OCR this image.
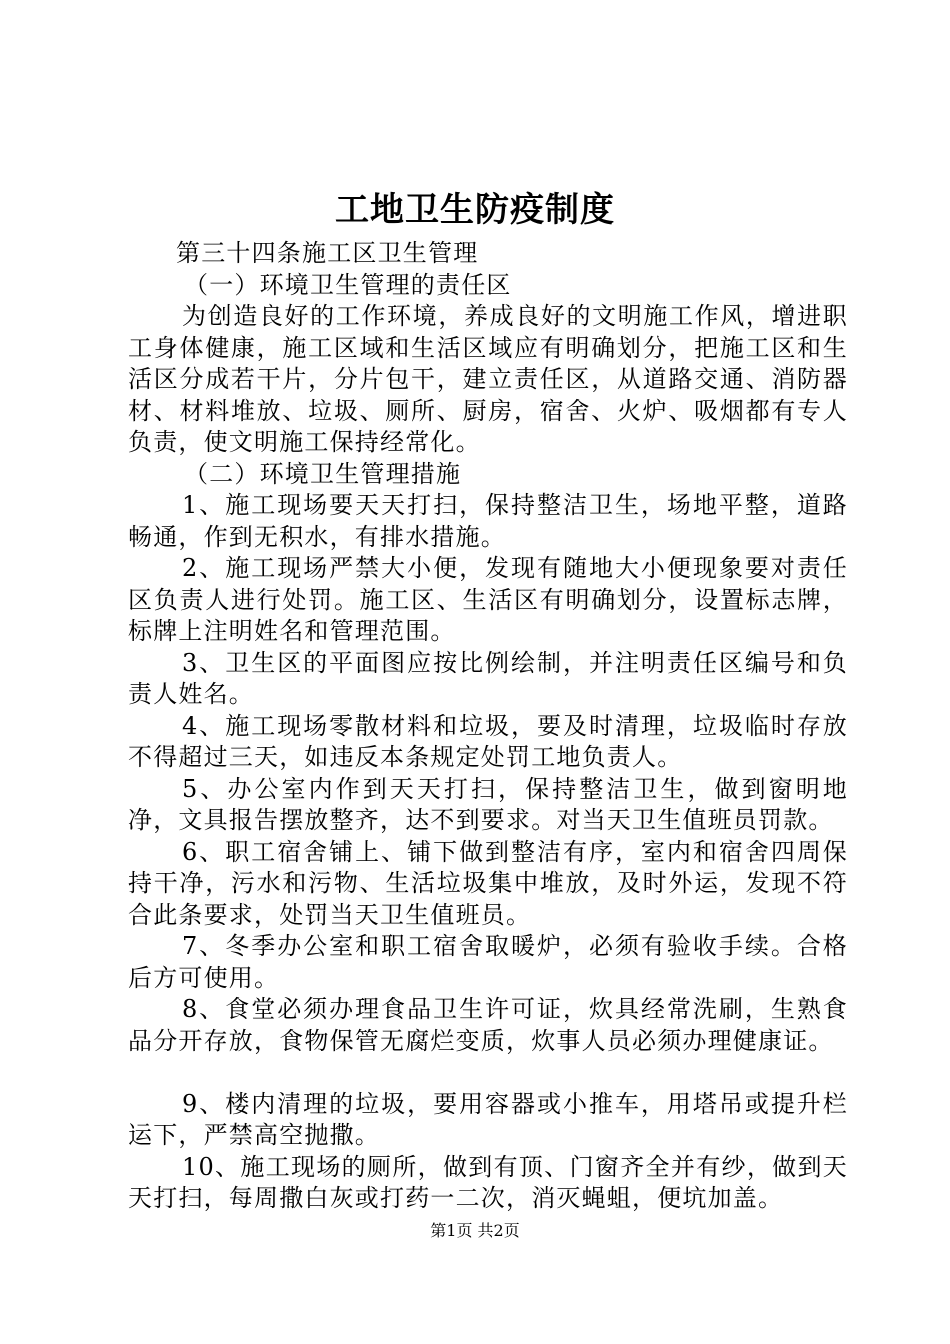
工地卫生防疫制度

第三十四条施工区卫生管理

（一）环境卫生管理的责任区

为创造良好的工作环境，养成良好的文明施工作风，增进职工身体健康，施工区域和生活区域应有明确划分，把施工区和生活区分成若干片，分片包干，建立责任区，从道路交通、消防器材、材料堆放、垃圾、厕所、厨房，宿舍、火炉、吸烟都有专人负责，使文明施工保持经常化。

（二）环境卫生管理措施

1、施工现场要天天打扫，保持整洁卫生，场地平整，道路畅通，作到无积水，有排水措施。

2、施工现场严禁大小便，发现有随地大小便现象要对责任区负责人进行处罚。施工区、生活区有明确划分，设置标志牌，标牌上注明姓名和管理范围。

3、卫生区的平面图应按比例绘制，并注明责任区编号和负责人姓名。

4、施工现场零散材料和垃圾，要及时清理，垃圾临时存放不得超过三天，如违反本条规定处罚工地负责人。

5、办公室内作到天天打扫，保持整洁卫生，做到窗明地净，文具报告摆放整齐，达不到要求。对当天卫生值班员罚款。

6、职工宿舍铺上、铺下做到整洁有序，室内和宿舍四周保持干净，污水和污物、生活垃圾集中堆放，及时外运，发现不符合此条要求，处罚当天卫生值班员。

7、冬季办公室和职工宿舍取暖炉，必须有验收手续。合格后方可使用。

8、食堂必须办理食品卫生许可证，炊具经常洗刷，生熟食品分开存放，食物保管无腐烂变质，炊事人员必须办理健康证。

9、楼内清理的垃圾，要用容器或小推车，用塔吊或提升栏运下，严禁高空抛撒。

10、施工现场的厕所，做到有顶、门窗齐全并有纱，做到天天打扫，每周撒白灰或打药一二次，消灭蝇蛆，便坑加盖。

第1页 共2页
